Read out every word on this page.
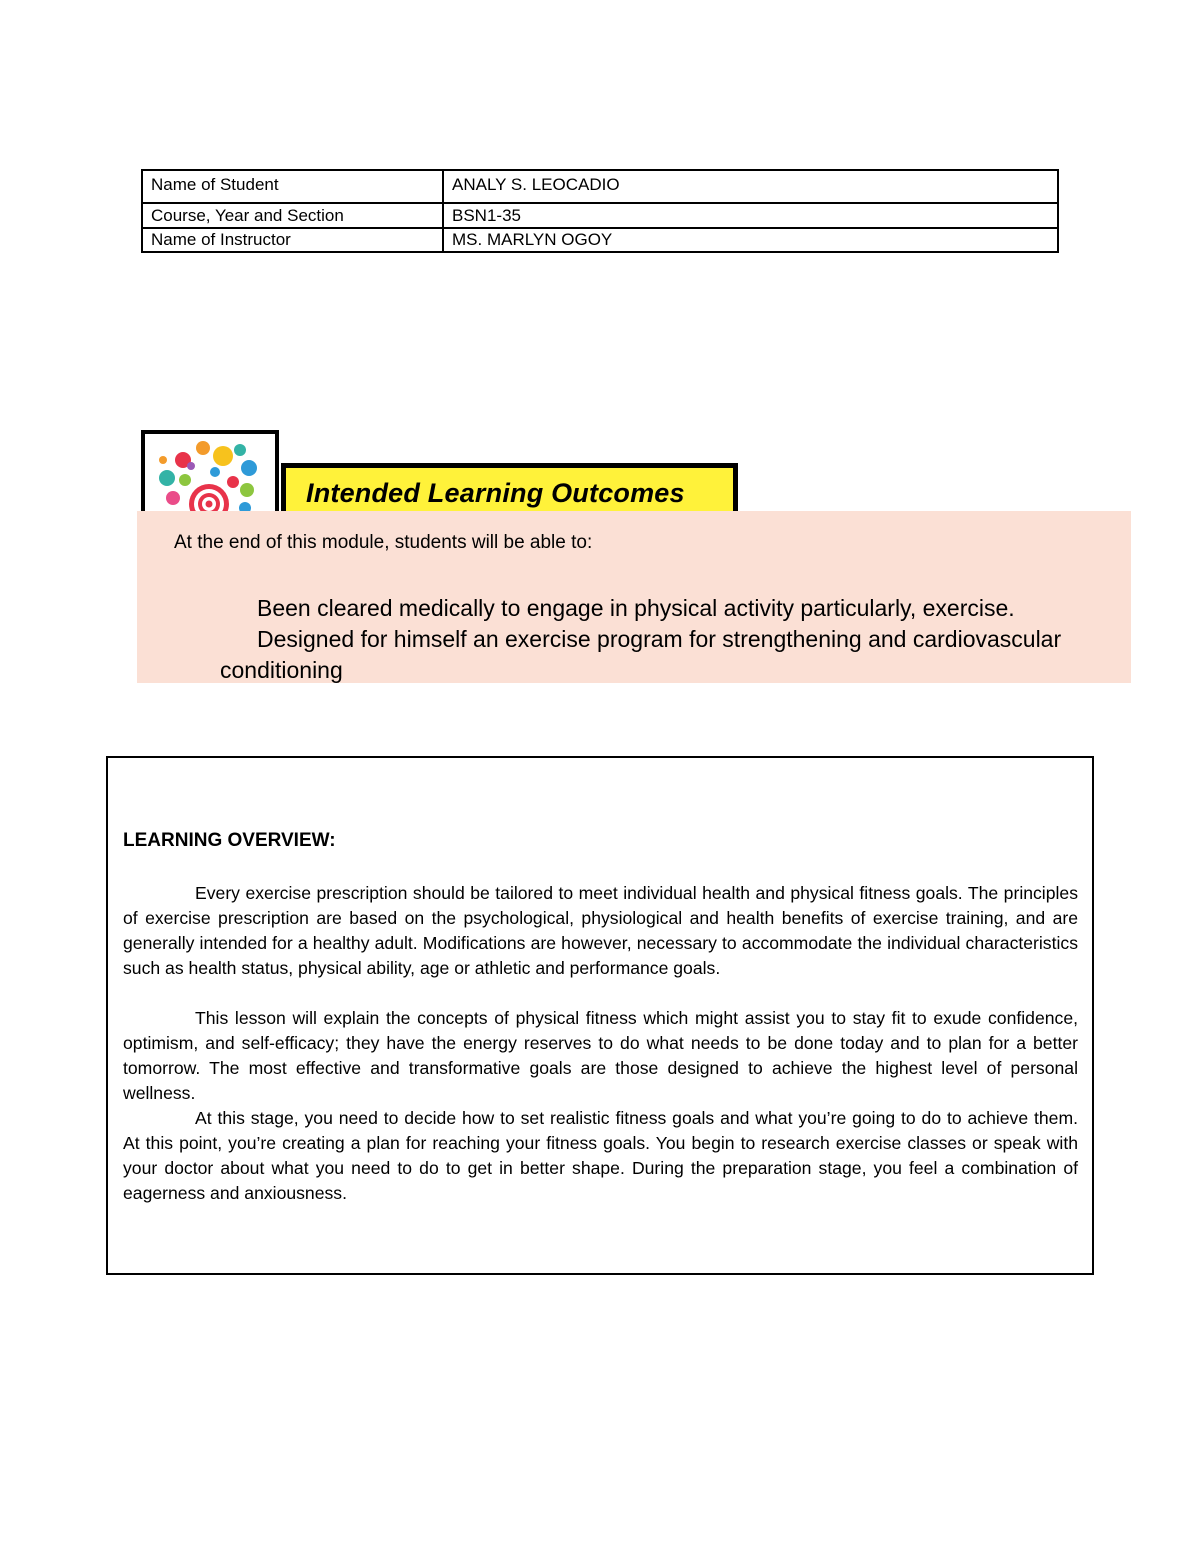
Name of Student	ANALY S. LEOCADIO
Course, Year and Section	BSN1-35
Name of Instructor	MS. MARLYN OGOY
Intended Learning Outcomes
At the end of this module, students will be able to:
Been cleared medically to engage in physical activity particularly, exercise.
Designed for himself an exercise program for strengthening and cardiovascular
conditioning
LEARNING OVERVIEW:

Every exercise prescription should be tailored to meet individual health and physical fitness goals. The principles of exercise prescription are based on the psychological, physiological and health benefits of exercise training, and are generally intended for a healthy adult. Modifications are however, necessary to accommodate the individual characteristics such as health status, physical ability, age or athletic and performance goals.

This lesson will explain the concepts of physical fitness which might assist you to stay fit to exude confidence, optimism, and self-efficacy; they have the energy reserves to do what needs to be done today and to plan for a better tomorrow. The most effective and transformative goals are those designed to achieve the highest level of personal wellness.

At this stage, you need to decide how to set realistic fitness goals and what you’re going to do to achieve them. At this point, you’re creating a plan for reaching your fitness goals. You begin to research exercise classes or speak with your doctor about what you need to do to get in better shape. During the preparation stage, you feel a combination of eagerness and anxiousness.
